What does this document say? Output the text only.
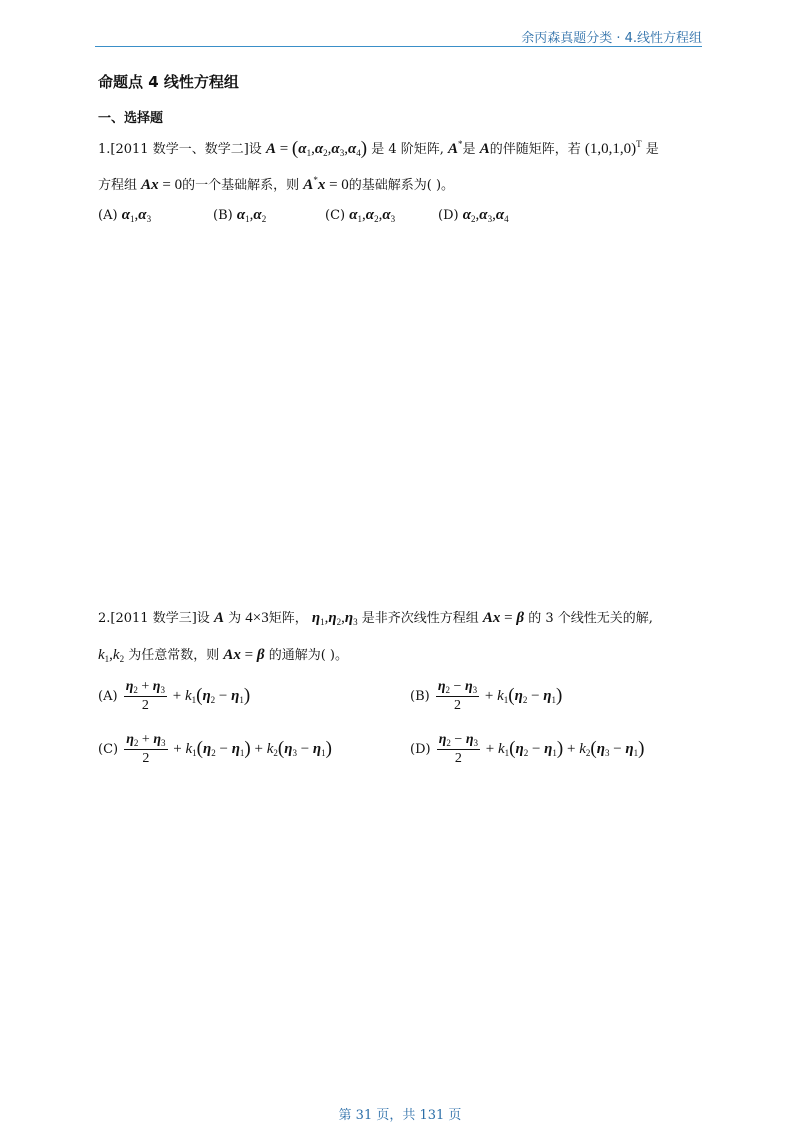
余丙森真题分类 · 4.线性方程组
命题点 4 线性方程组
一、选择题
1.[2011 数学一、数学二]设 $A = (\alpha_1,\alpha_2,\alpha_3,\alpha_4)$ 是 4 阶矩阵, A*是 A的伴随矩阵，若 $(1,0,1,0)^T$ 是
方程组 Ax = 0的一个基础解系，则 A*x = 0的基础解系为( )。
(A) $\alpha_1,\alpha_3$	(B) $\alpha_1,\alpha_2$	(C) $\alpha_1,\alpha_2,\alpha_3$	(D) $\alpha_2,\alpha_3,\alpha_4$
2.[2011 数学三]设 A 为 4×3矩阵， $\eta_1,\eta_2,\eta_3$ 是非齐次线性方程组 Ax = β 的 3 个线性无关的解,
$k_1,k_2$ 为任意常数，则 Ax = β 的通解为( )。
$(A) \frac{\eta_2 + \eta_3}{2} + k_1(\eta_2 - \eta_1)$	$(B) \frac{\eta_2 - \eta_3}{2} + k_1(\eta_2 - \eta_1)$
$(C) \frac{\eta_2 + \eta_3}{2} + k_1(\eta_2 - \eta_1) + k_2(\eta_3 - \eta_1)$	$(D) \frac{\eta_2 - \eta_3}{2} + k_1(\eta_2 - \eta_1) + k_2(\eta_3 - \eta_1)$
第 31 页，共 131 页
